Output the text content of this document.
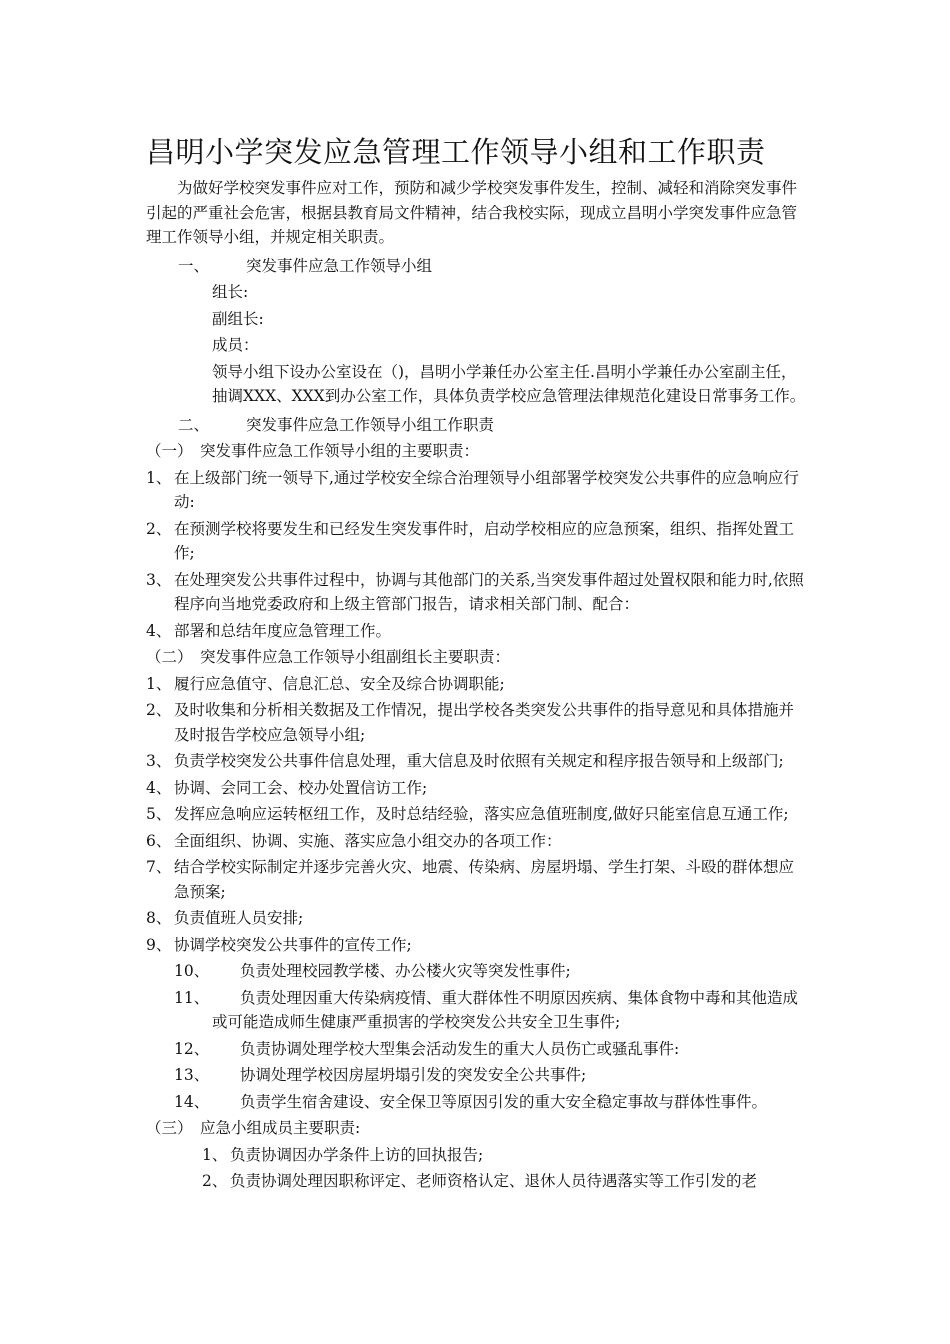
昌明小学突发应急管理工作领导小组和工作职责

为做好学校突发事件应对工作，预防和减少学校突发事件发生，控制、减轻和消除突发事件引起的严重社会危害，根据县教育局文件精神，结合我校实际，现成立昌明小学突发事件应急管理工作领导小组，并规定相关职责。

一、 突发事件应急工作领导小组
组长:
副组长:
成员：
领导小组下设办公室设在（)，昌明小学兼任办公室主任.昌明小学兼任办公室副主任，抽调XXX、XXX到办公室工作，具体负责学校应急管理法律规范化建设日常事务工作。
二、 突发事件应急工作领导小组工作职责
（一） 突发事件应急工作领导小组的主要职责：
1、 在上级部门统一领导下,通过学校安全综合治理领导小组部署学校突发公共事件的应急响应行动:
2、 在预测学校将要发生和已经发生突发事件时，启动学校相应的应急预案，组织、指挥处置工作;
3、 在处理突发公共事件过程中，协调与其他部门的关系,当突发事件超过处置权限和能力时,依照程序向当地党委政府和上级主管部门报告，请求相关部门制、配合：
4、 部署和总结年度应急管理工作。
（二） 突发事件应急工作领导小组副组长主要职责：
1、 履行应急值守、信息汇总、安全及综合协调职能;
2、 及时收集和分析相关数据及工作情况，提出学校各类突发公共事件的指导意见和具体措施并及时报告学校应急领导小组;
3、 负责学校突发公共事件信息处理，重大信息及时依照有关规定和程序报告领导和上级部门;
4、 协调、会同工会、校办处置信访工作;
5、 发挥应急响应运转枢纽工作，及时总结经验，落实应急值班制度,做好只能室信息互通工作;
6、 全面组织、协调、实施、落实应急小组交办的各项工作：
7、 结合学校实际制定并逐步完善火灾、地震、传染病、房屋坍塌、学生打架、斗殴的群体想应急预案;
8、 负责值班人员安排;
9、 协调学校突发公共事件的宣传工作;
10、 负责处理校园教学楼、办公楼火灾等突发性事件;
11、 负责处理因重大传染病疫情、重大群体性不明原因疾病、集体食物中毒和其他造成或可能造成师生健康严重损害的学校突发公共安全卫生事件;
12、 负责协调处理学校大型集会活动发生的重大人员伤亡或骚乱事件:
13、 协调处理学校因房屋坍塌引发的突发安全公共事件;
14、 负责学生宿舍建设、安全保卫等原因引发的重大安全稳定事故与群体性事件。
（三） 应急小组成员主要职责:
1、 负责协调因办学条件上访的回执报告;
2、 负责协调处理因职称评定、老师资格认定、退休人员待遇落实等工作引发的老
